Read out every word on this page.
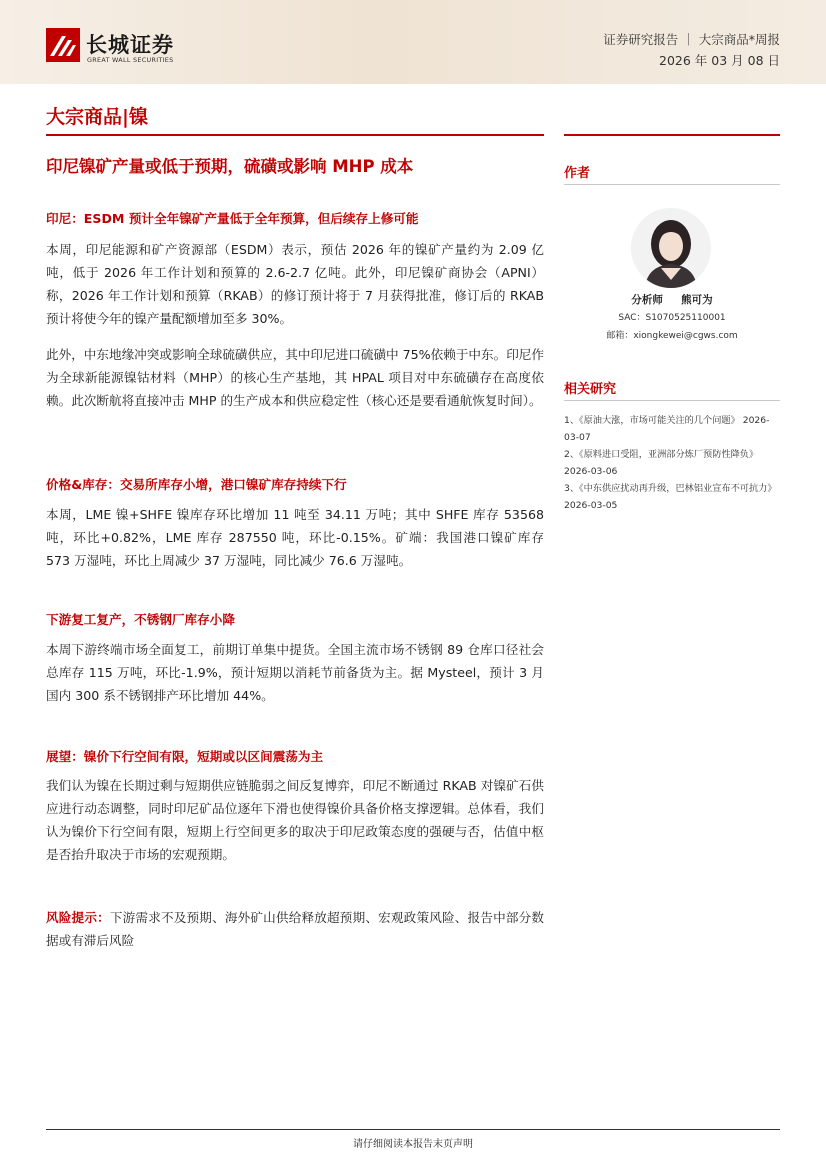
长城证券
GREAT WALL SECURITIES
证券研究报告 ｜ 大宗商品*周报
2026 年 03 月 08 日
大宗商品|镍
印尼镍矿产量或低于预期，硫磺或影响 MHP 成本
印尼：ESDM 预计全年镍矿产量低于全年预算，但后续存上修可能
本周，印尼能源和矿产资源部（ESDM）表示，预估 2026 年的镍矿产量约为 2.09 亿吨，低于 2026 年工作计划和预算的 2.6-2.7 亿吨。此外，印尼镍矿商协会（APNI）称，2026 年工作计划和预算（RKAB）的修订预计将于 7 月获得批准，修订后的 RKAB 预计将使今年的镍产量配额增加至多 30%。
此外，中东地缘冲突或影响全球硫磺供应，其中印尼进口硫磺中 75%依赖于中东。印尼作为全球新能源镍钴材料（MHP）的核心生产基地，其 HPAL 项目对中东硫磺存在高度依赖。此次断航将直接冲击 MHP 的生产成本和供应稳定性（核心还是要看通航恢复时间）。
价格&库存：交易所库存小增，港口镍矿库存持续下行
本周，LME 镍+SHFE 镍库存环比增加 11 吨至 34.11 万吨；其中 SHFE 库存 53568 吨，环比+0.82%，LME 库存 287550 吨，环比-0.15%。矿端：我国港口镍矿库存 573 万湿吨，环比上周减少 37 万湿吨，同比减少 76.6 万湿吨。
下游复工复产，不锈钢厂库存小降
本周下游终端市场全面复工，前期订单集中提货。全国主流市场不锈钢 89 仓库口径社会总库存 115 万吨，环比-1.9%，预计短期以消耗节前备货为主。据 Mysteel，预计 3 月国内 300 系不锈钢排产环比增加 44%。
展望：镍价下行空间有限，短期或以区间震荡为主
我们认为镍在长期过剩与短期供应链脆弱之间反复博弈，印尼不断通过 RKAB 对镍矿石供应进行动态调整，同时印尼矿品位逐年下滑也使得镍价具备价格支撑逻辑。总体看，我们认为镍价下行空间有限，短期上行空间更多的取决于印尼政策态度的强硬与否，估值中枢是否抬升取决于市场的宏观预期。
风险提示：下游需求不及预期、海外矿山供给释放超预期、宏观政策风险、报告中部分数据或有滞后风险
作者
分析师 熊可为
SAC：S1070525110001
邮箱：xiongkewei@cgws.com
相关研究
1、《原油大涨，市场可能关注的几个问题》 2026-03-07
2、《原料进口受阻，亚洲部分炼厂预防性降负》 2026-03-06
3、《中东供应扰动再升级，巴林铝业宣布不可抗力》 2026-03-05
请仔细阅读本报告末页声明
